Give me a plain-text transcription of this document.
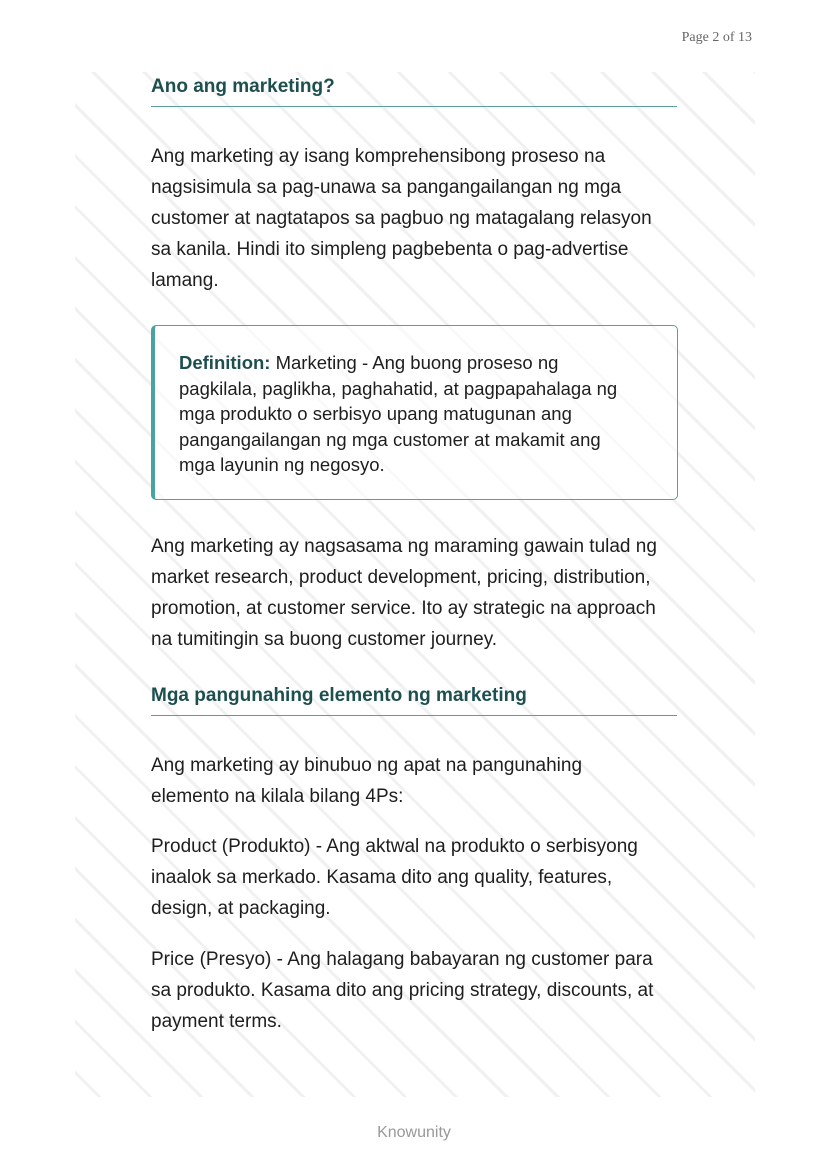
Page 2 of 13
Ano ang marketing?
Ang marketing ay isang komprehensibong proseso na
nagsisimula sa pag-unawa sa pangangailangan ng mga
customer at nagtatapos sa pagbuo ng matagalang relasyon
sa kanila. Hindi ito simpleng pagbebenta o pag-advertise
lamang.
Definition: Marketing - Ang buong proseso ng
pagkilala, paglikha, paghahatid, at pagpapahalaga ng
mga produkto o serbisyo upang matugunan ang
pangangailangan ng mga customer at makamit ang
mga layunin ng negosyo.
Ang marketing ay nagsasama ng maraming gawain tulad ng
market research, product development, pricing, distribution,
promotion, at customer service. Ito ay strategic na approach
na tumitingin sa buong customer journey.
Mga pangunahing elemento ng marketing
Ang marketing ay binubuo ng apat na pangunahing
elemento na kilala bilang 4Ps:
Product (Produkto) - Ang aktwal na produkto o serbisyong
inaalok sa merkado. Kasama dito ang quality, features,
design, at packaging.
Price (Presyo) - Ang halagang babayaran ng customer para
sa produkto. Kasama dito ang pricing strategy, discounts, at
payment terms.
Knowunity
